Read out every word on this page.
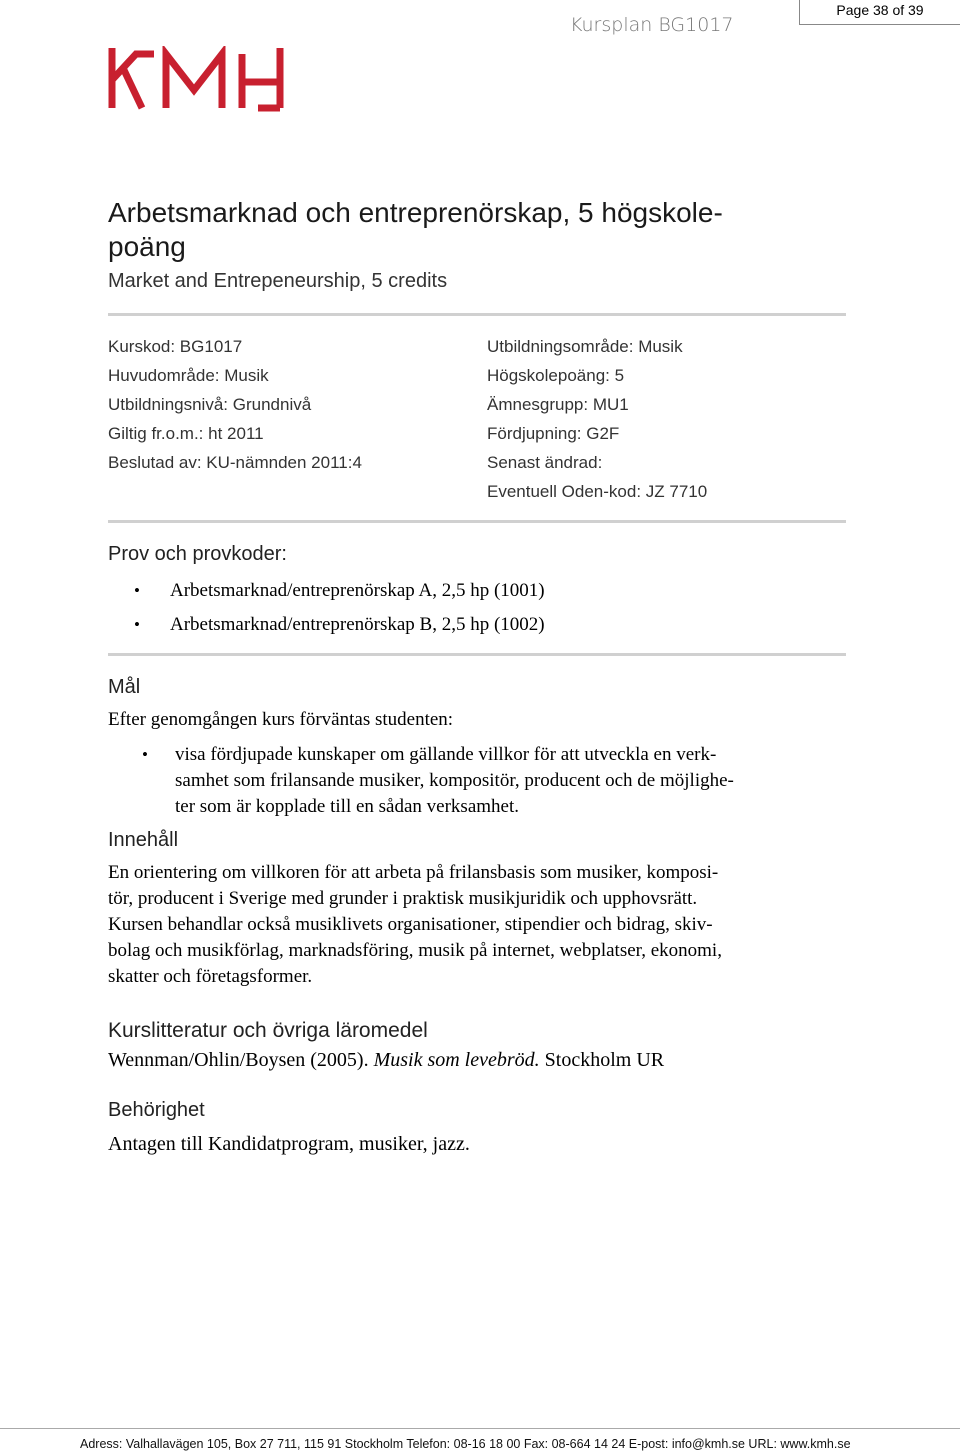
Page 38 of 39
Kursplan BG1017
Arbetsmarknad och entreprenörskap, 5 högskole-
poäng
Market and Entrepeneurship, 5 credits
Kurskod: BG1017
Huvudområde: Musik
Utbildningsnivå: Grundnivå
Giltig fr.o.m.: ht 2011
Beslutad av: KU-nämnden 2011:4
Utbildningsområde: Musik
Högskolepoäng: 5
Ämnesgrupp: MU1
Fördjupning: G2F
Senast ändrad:
Eventuell Oden-kod: JZ 7710
Prov och provkoder:
• Arbetsmarknad/entreprenörskap A, 2,5 hp (1001)
• Arbetsmarknad/entreprenörskap B, 2,5 hp (1002)
Mål
Efter genomgången kurs förväntas studenten:
• visa fördjupade kunskaper om gällande villkor för att utveckla en verk-
samhet som frilansande musiker, kompositör, producent och de möjlighe-
ter som är kopplade till en sådan verksamhet.
Innehåll
En orientering om villkoren för att arbeta på frilansbasis som musiker, komposi-
tör, producent i Sverige med grunder i praktisk musikjuridik och upphovsrätt.
Kursen behandlar också musiklivets organisationer, stipendier och bidrag, skiv-
bolag och musikförlag, marknadsföring, musik på internet, webplatser, ekonomi,
skatter och företagsformer.
Kurslitteratur och övriga läromedel
Wennman/Ohlin/Boysen (2005). Musik som levebröd. Stockholm UR
Behörighet
Antagen till Kandidatprogram, musiker, jazz.
Adress: Valhallavägen 105, Box 27 711, 115 91 Stockholm Telefon: 08-16 18 00 Fax: 08-664 14 24 E-post: info@kmh.se URL: www.kmh.se
